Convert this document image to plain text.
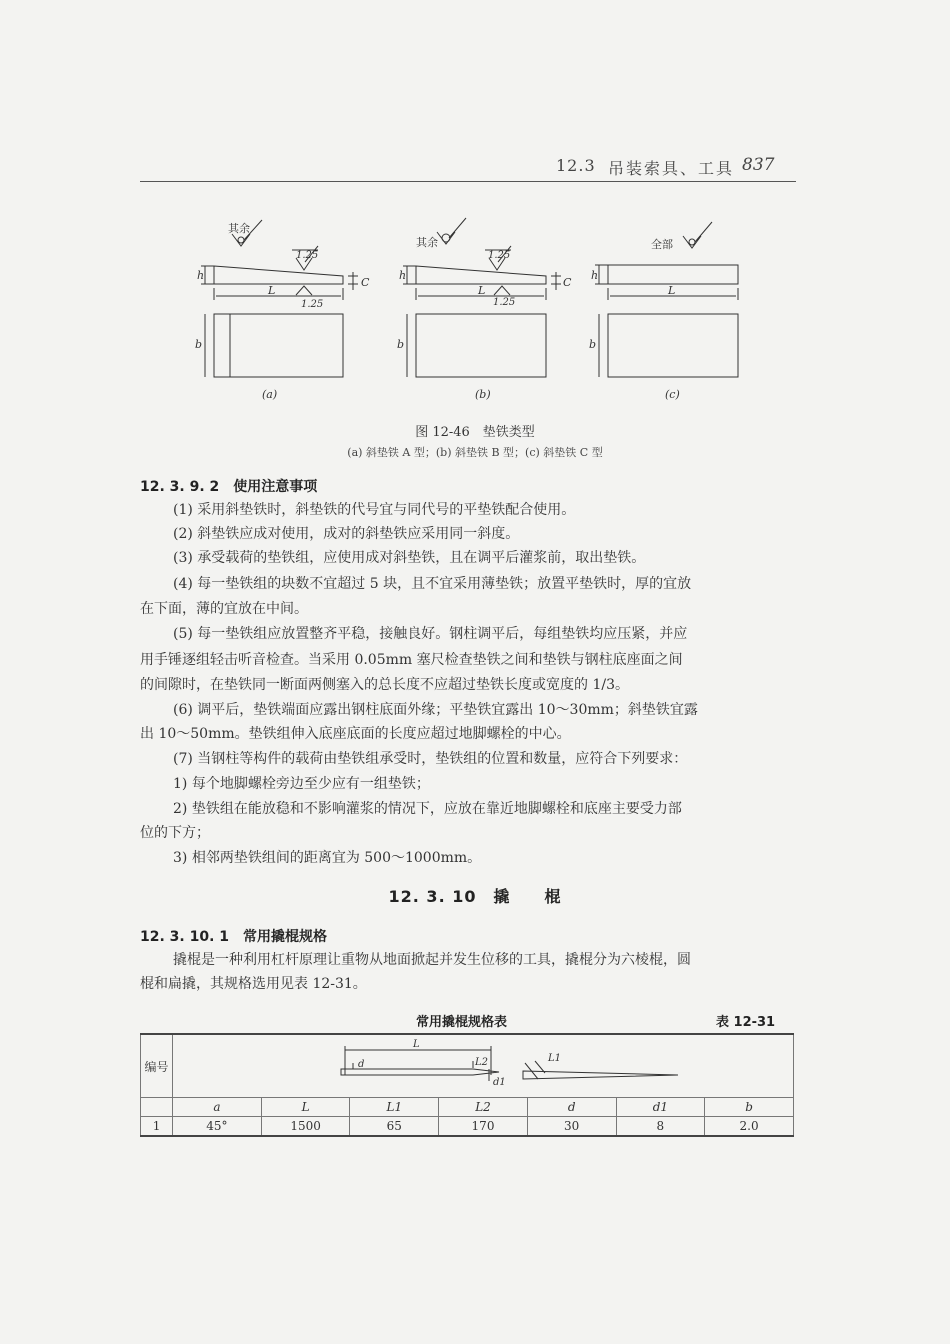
12.3 吊装索具、工具 837
其余
其余	全部
1.25
1.25
1.25
1.25
h	h	h
L	L	L
C	C
b	b	b
(a)	(b)	(c)
图 12-46　垫铁类型
(a) 斜垫铁 A 型；(b) 斜垫铁 B 型；(c) 斜垫铁 C 型
12. 3. 9. 2　使用注意事项
(1) 采用斜垫铁时，斜垫铁的代号宜与同代号的平垫铁配合使用。
(2) 斜垫铁应成对使用，成对的斜垫铁应采用同一斜度。
(3) 承受载荷的垫铁组，应使用成对斜垫铁，且在调平后灌浆前，取出垫铁。
(4) 每一垫铁组的块数不宜超过 5 块，且不宜采用薄垫铁；放置平垫铁时，厚的宜放
在下面，薄的宜放在中间。
(5) 每一垫铁组应放置整齐平稳，接触良好。钢柱调平后，每组垫铁均应压紧，并应
用手锤逐组轻击听音检查。当采用 0.05mm 塞尺检查垫铁之间和垫铁与钢柱底座面之间
的间隙时，在垫铁同一断面两侧塞入的总长度不应超过垫铁长度或宽度的 1/3。
(6) 调平后，垫铁端面应露出钢柱底面外缘；平垫铁宜露出 10～30mm；斜垫铁宜露
出 10～50mm。垫铁组伸入底座底面的长度应超过地脚螺栓的中心。
(7) 当钢柱等构件的载荷由垫铁组承受时，垫铁组的位置和数量，应符合下列要求：
1) 每个地脚螺栓旁边至少应有一组垫铁；
2) 垫铁组在能放稳和不影响灌浆的情况下，应放在靠近地脚螺栓和底座主要受力部
位的下方；
3) 相邻两垫铁组间的距离宜为 500～1000mm。
12. 3. 10　撬　　棍
12. 3. 10. 1　常用撬棍规格
撬棍是一种利用杠杆原理让重物从地面掀起并发生位移的工具，撬棍分为六棱棍，圆
棍和扁撬，其规格选用见表 12-31。
常用撬棍规格表	表 12-31
编号	L
L2
d
d1
L1						

	a	L	L1	L2	d	d1	b
1	45°	1500	65	170	30	8	2.0
